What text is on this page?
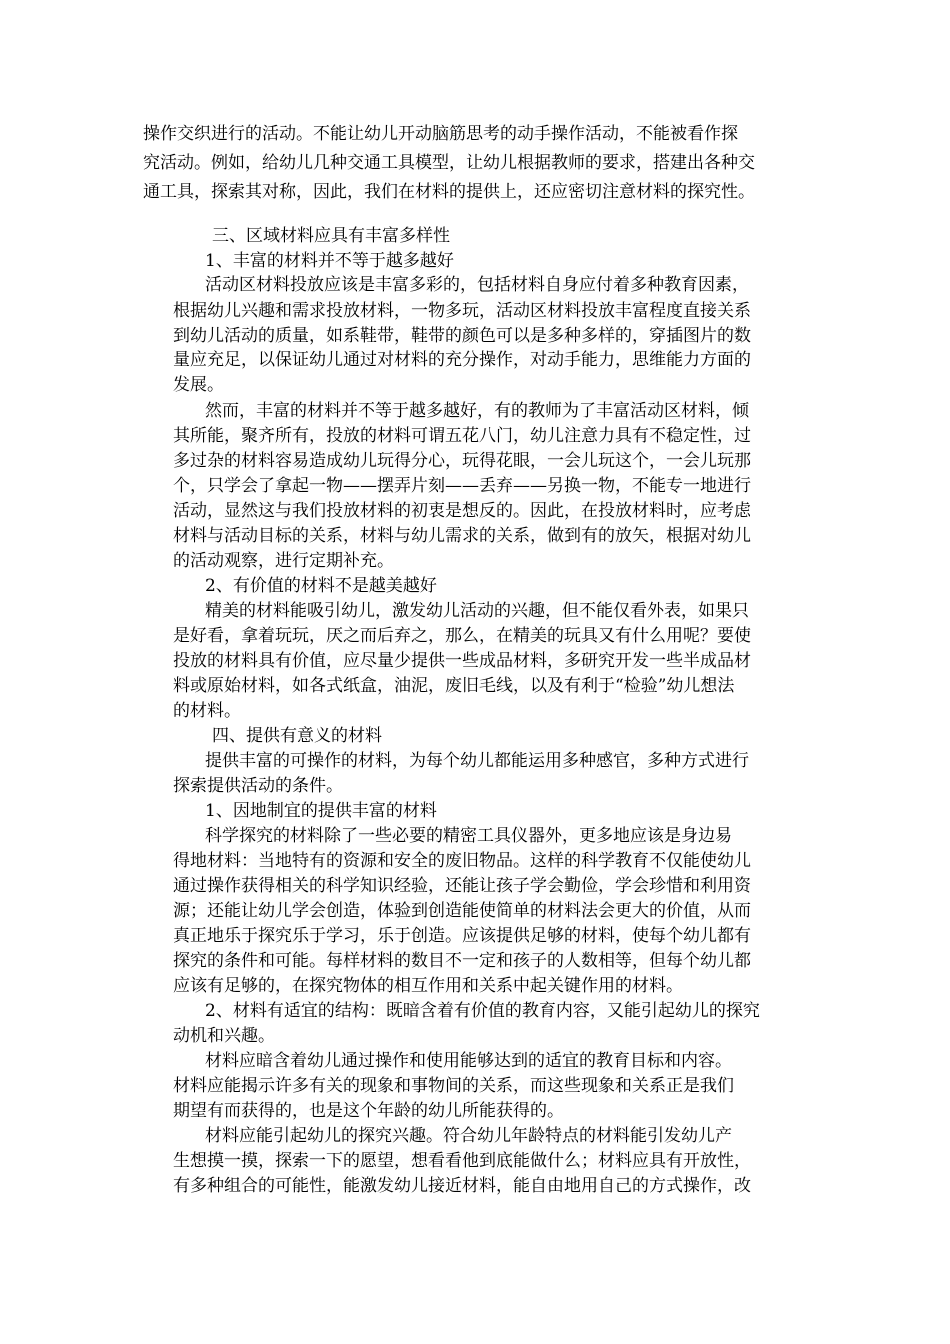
操作交织进行的活动。不能让幼儿开动脑筋思考的动手操作活动，不能被看作探
究活动。例如，给幼儿几种交通工具模型，让幼儿根据教师的要求，搭建出各种交
通工具，探索其对称，因此，我们在材料的提供上，还应密切注意材料的探究性。
三、区域材料应具有丰富多样性
1、丰富的材料并不等于越多越好
活动区材料投放应该是丰富多彩的，包括材料自身应付着多种教育因素，
根据幼儿兴趣和需求投放材料，一物多玩，活动区材料投放丰富程度直接关系
到幼儿活动的质量，如系鞋带，鞋带的颜色可以是多种多样的，穿插图片的数
量应充足，以保证幼儿通过对材料的充分操作，对动手能力，思维能力方面的
发展。
然而，丰富的材料并不等于越多越好，有的教师为了丰富活动区材料，倾
其所能，聚齐所有，投放的材料可谓五花八门，幼儿注意力具有不稳定性，过
多过杂的材料容易造成幼儿玩得分心，玩得花眼，一会儿玩这个，一会儿玩那
个，只学会了拿起一物——摆弄片刻——丢弃——另换一物，不能专一地进行
活动，显然这与我们投放材料的初衷是想反的。因此，在投放材料时，应考虑
材料与活动目标的关系，材料与幼儿需求的关系，做到有的放矢，根据对幼儿
的活动观察，进行定期补充。
2、有价值的材料不是越美越好
精美的材料能吸引幼儿，激发幼儿活动的兴趣，但不能仅看外表，如果只
是好看，拿着玩玩，厌之而后弃之，那么，在精美的玩具又有什么用呢？要使
投放的材料具有价值，应尽量少提供一些成品材料，多研究开发一些半成品材
料或原始材料，如各式纸盒，油泥，废旧毛线，以及有利于“检验”幼儿想法
的材料。
四、提供有意义的材料
提供丰富的可操作的材料，为每个幼儿都能运用多种感官，多种方式进行
探索提供活动的条件。
1、因地制宜的提供丰富的材料
科学探究的材料除了一些必要的精密工具仪器外，更多地应该是身边易
得地材料：当地特有的资源和安全的废旧物品。这样的科学教育不仅能使幼儿
通过操作获得相关的科学知识经验，还能让孩子学会勤俭，学会珍惜和利用资
源；还能让幼儿学会创造，体验到创造能使简单的材料法会更大的价值，从而
真正地乐于探究乐于学习，乐于创造。应该提供足够的材料，使每个幼儿都有
探究的条件和可能。每样材料的数目不一定和孩子的人数相等，但每个幼儿都
应该有足够的，在探究物体的相互作用和关系中起关键作用的材料。
2、材料有适宜的结构：既暗含着有价值的教育内容，又能引起幼儿的探究
动机和兴趣。
材料应暗含着幼儿通过操作和使用能够达到的适宜的教育目标和内容。
材料应能揭示许多有关的现象和事物间的关系，而这些现象和关系正是我们
期望有而获得的，也是这个年龄的幼儿所能获得的。
材料应能引起幼儿的探究兴趣。符合幼儿年龄特点的材料能引发幼儿产
生想摸一摸，探索一下的愿望，想看看他到底能做什么；材料应具有开放性，
有多种组合的可能性，能激发幼儿接近材料，能自由地用自己的方式操作，改
